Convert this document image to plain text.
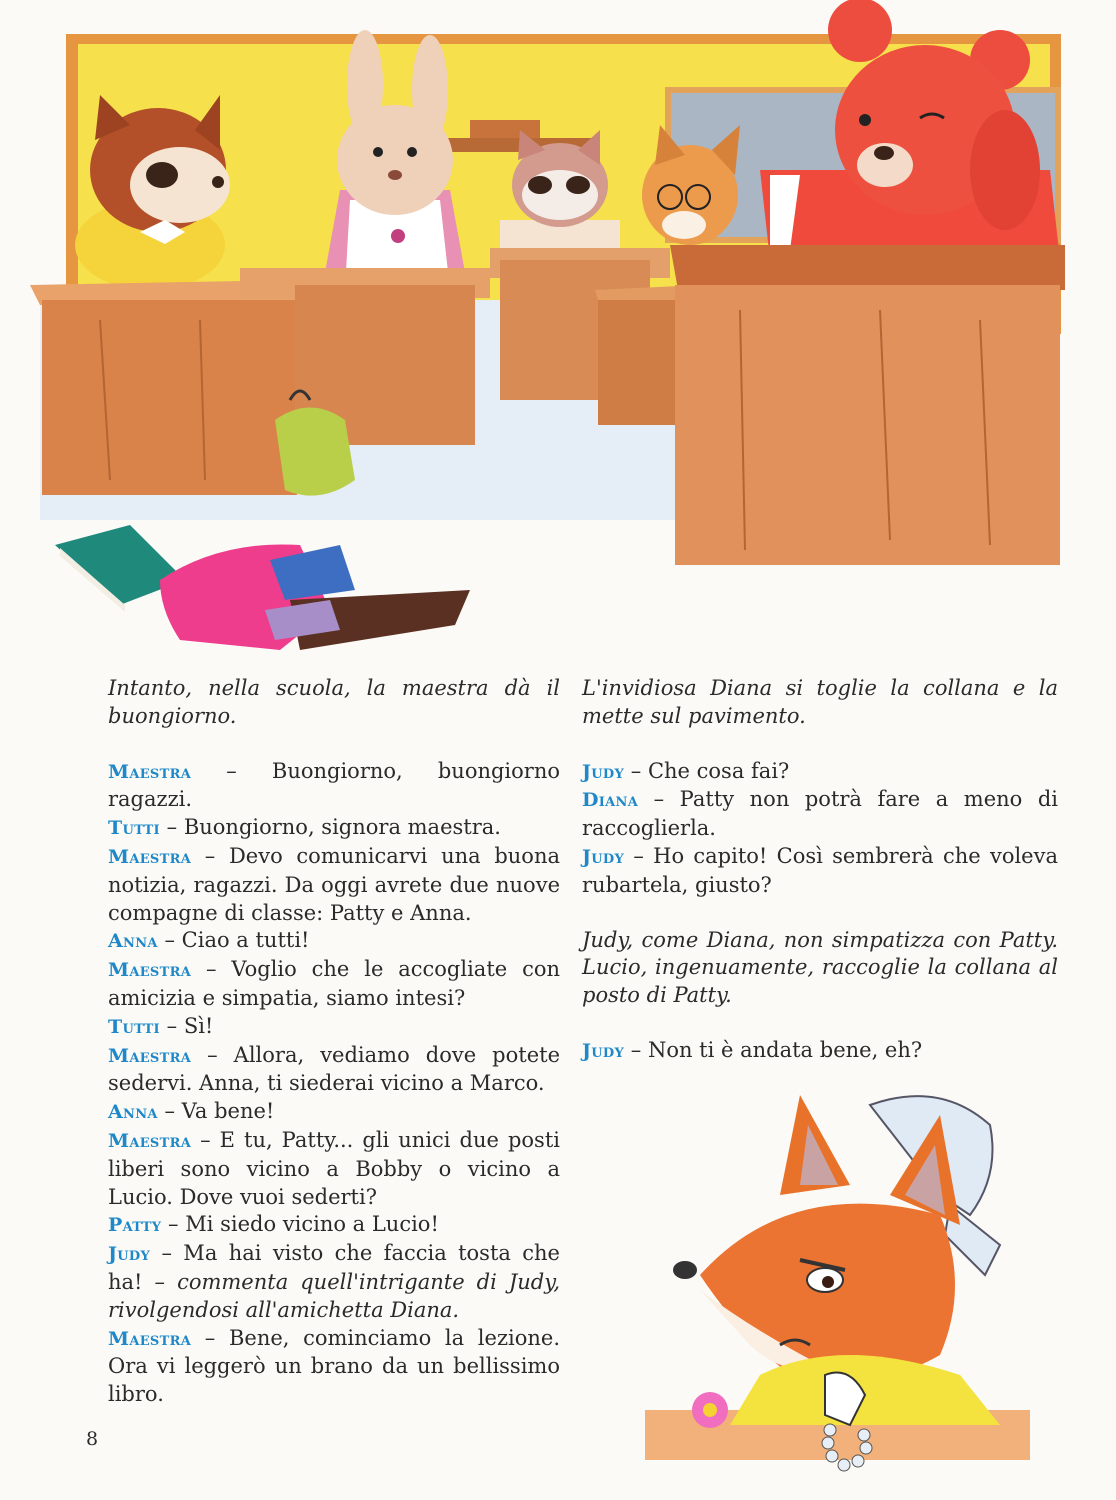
Intanto, nella scuola, la maestra dà il buongiorno.

Maestra – Buongiorno, buongiorno ragazzi.

Tutti – Buongiorno, signora maestra.

Maestra – Devo comunicarvi una buona notizia, ragazzi. Da oggi avrete due nuove compagne di classe: Patty e Anna.

Anna – Ciao a tutti!

Maestra – Voglio che le accogliate con amicizia e simpatia, siamo intesi?

Tutti – Sì!

Maestra – Allora, vediamo dove potete sedervi. Anna, ti siederai vicino a Marco.

Anna – Va bene!

Maestra – E tu, Patty... gli unici due posti liberi sono vicino a Bobby o vicino a Lucio. Dove vuoi sederti?

Patty – Mi siedo vicino a Lucio!

Judy – Ma hai visto che faccia tosta che ha! – commenta quell'intrigante di Judy, rivolgendosi all'amichetta Diana.

Maestra – Bene, cominciamo la lezione. Ora vi leggerò un brano da un bellissimo libro.

L'invidiosa Diana si toglie la collana e la mette sul pavimento.

Judy – Che cosa fai?

Diana – Patty non potrà fare a meno di raccoglierla.

Judy – Ho capito! Così sembrerà che voleva rubartela, giusto?

Judy, come Diana, non simpatizza con Patty. Lucio, ingenuamente, raccoglie la collana al posto di Patty.

Judy – Non ti è andata bene, eh?

8
